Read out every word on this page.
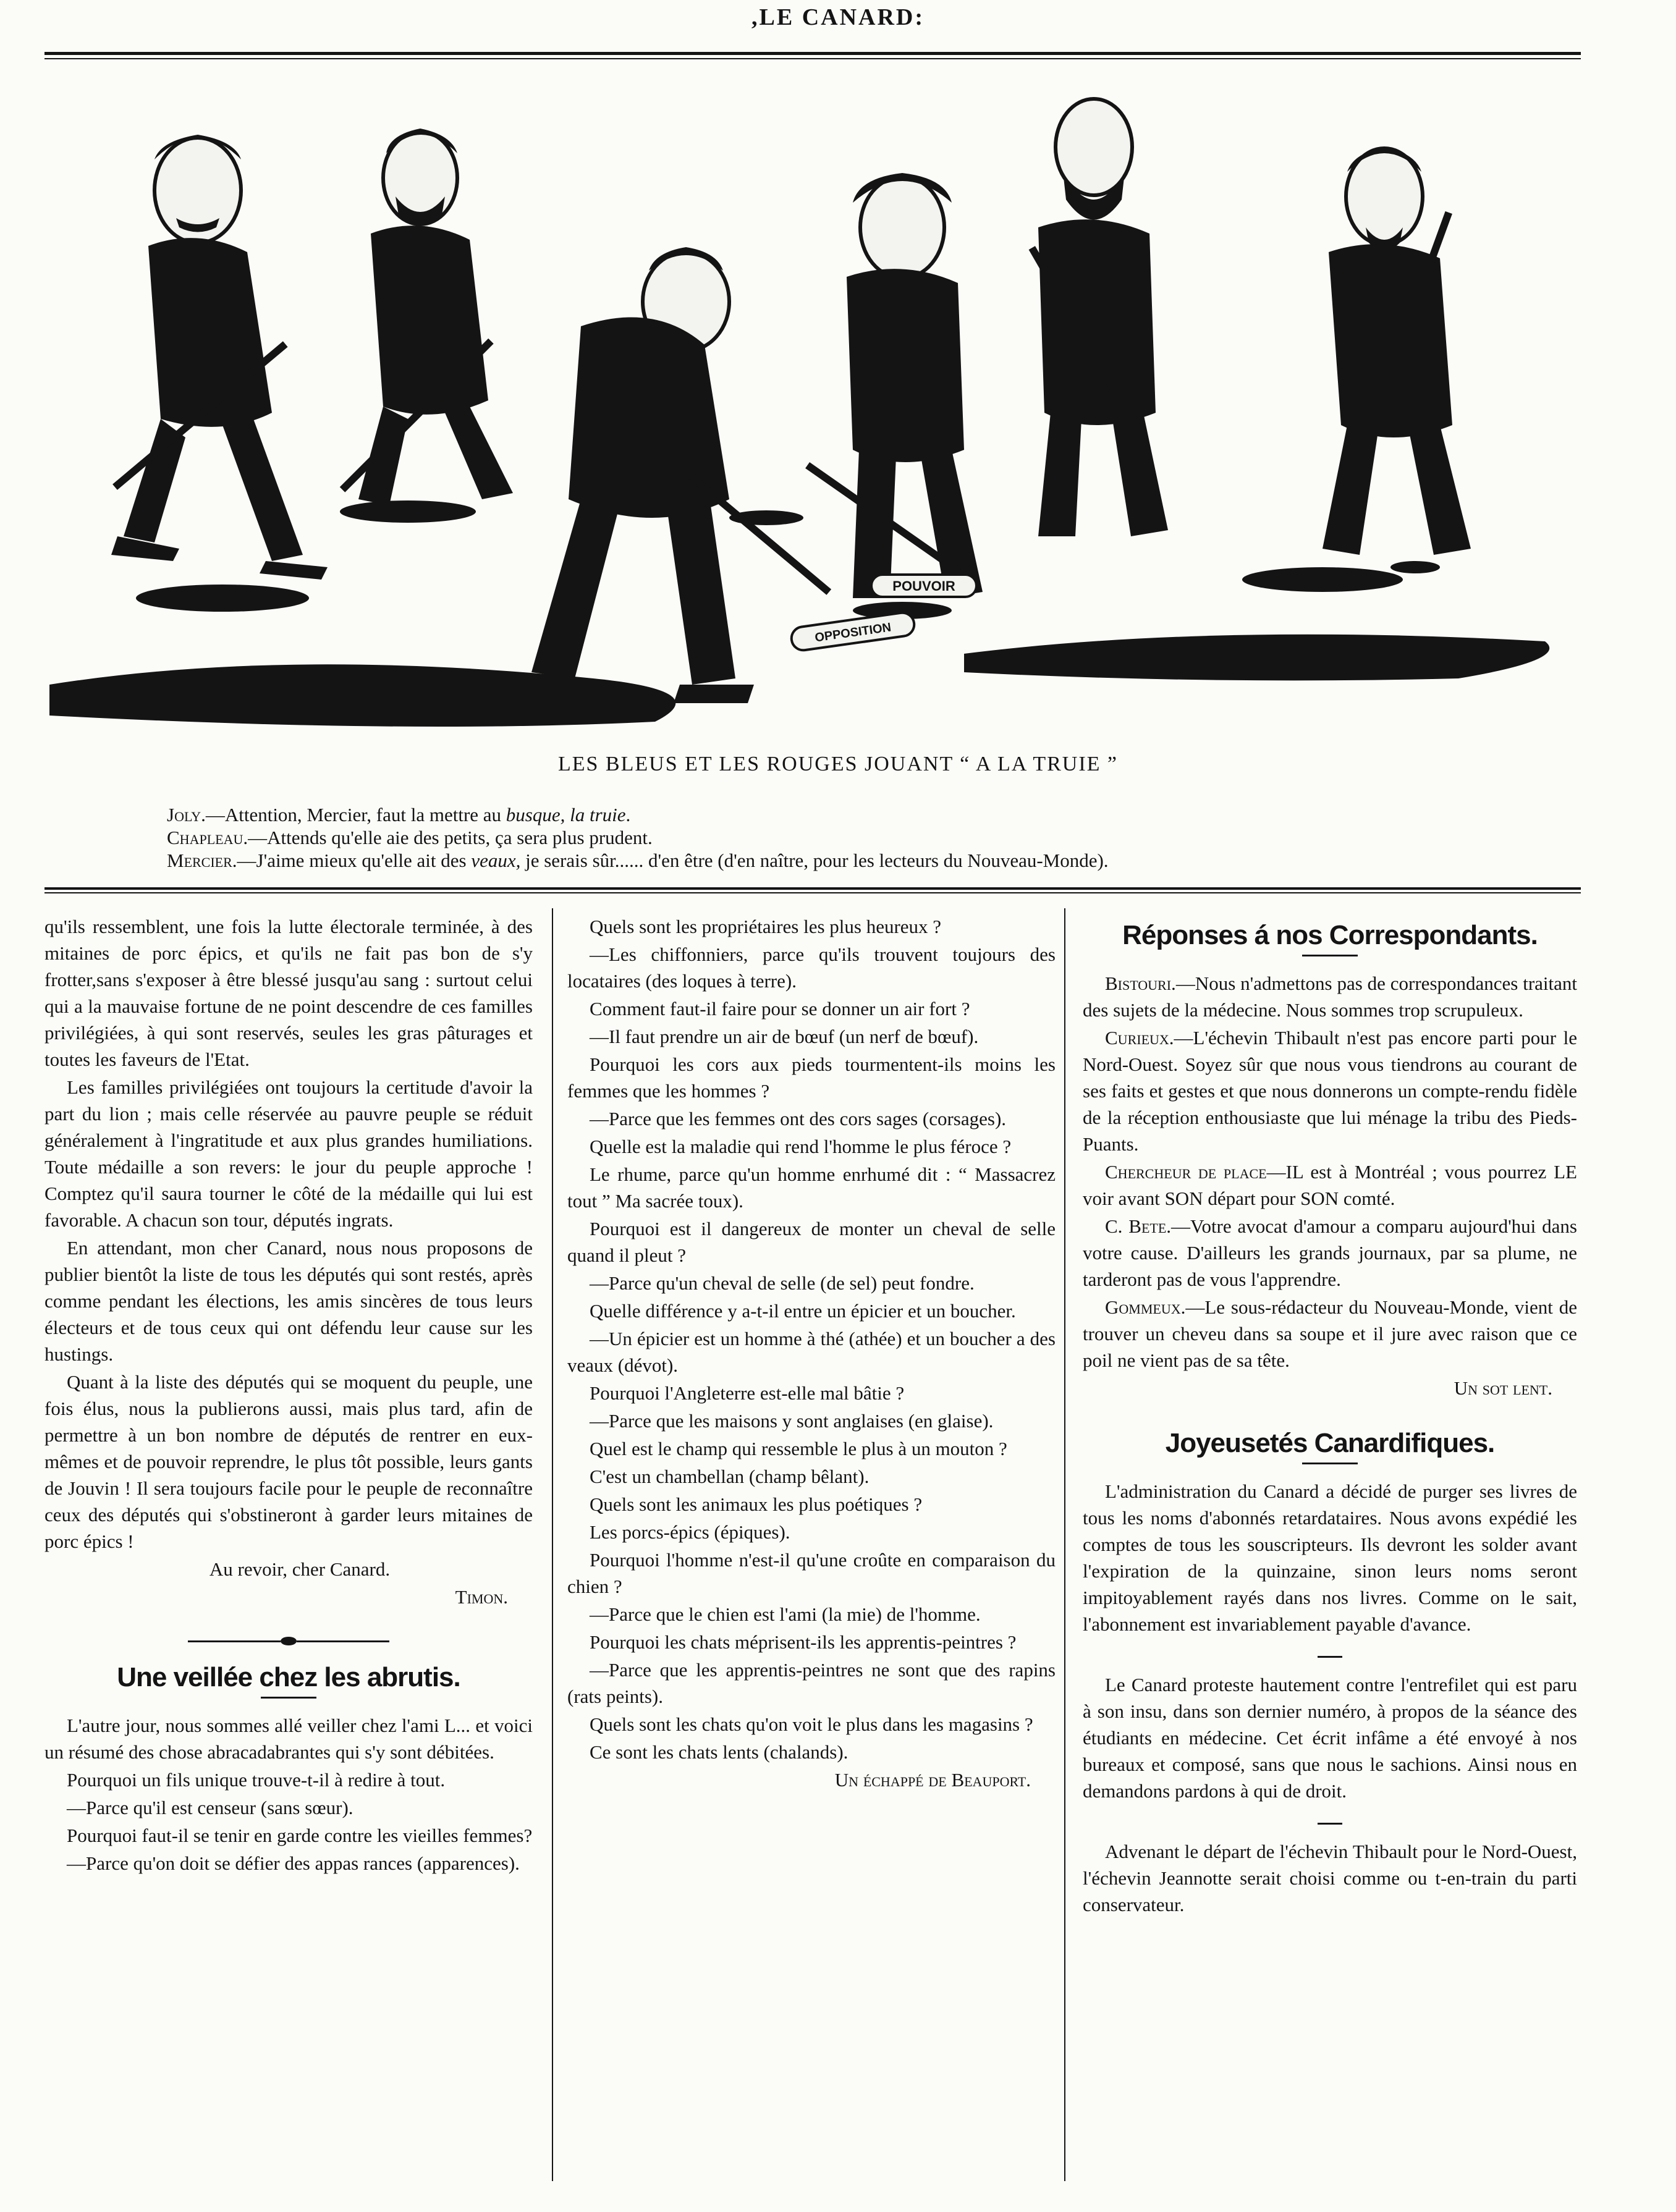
,LE CANARD:
POUVOIR
OPPOSITION
LES BLEUS ET LES ROUGES JOUANT “ A LA TRUIE ”
Joly.—Attention, Mercier, faut la mettre au busque, la truie.
Chapleau.—Attends qu'elle aie des petits, ça sera plus prudent.
Mercier.—J'aime mieux qu'elle ait des veaux, je serais sûr...... d'en être (d'en naître, pour les lecteurs du Nouveau-Monde).

qu'ils ressemblent, une fois la lutte électorale terminée, à des mitaines de porc épics, et qu'ils ne fait pas bon de s'y frotter,sans s'exposer à être blessé jusqu'au sang : surtout celui qui a la mauvaise fortune de ne point descendre de ces familles privilégiées, à qui sont reservés, seules les gras pâturages et toutes les faveurs de l'Etat.

Les familles privilégiées ont toujours la certitude d'avoir la part du lion ; mais celle réservée au pauvre peuple se réduit généralement à l'ingratitude et aux plus grandes humiliations. Toute médaille a son revers: le jour du peuple approche ! Comptez qu'il saura tourner le côté de la médaille qui lui est favorable. A chacun son tour, députés ingrats.

En attendant, mon cher Canard, nous nous proposons de publier bientôt la liste de tous les députés qui sont restés, après comme pendant les élections, les amis sincères de tous leurs électeurs et de tous ceux qui ont défendu leur cause sur les hustings.

Quant à la liste des députés qui se moquent du peuple, une fois élus, nous la publierons aussi, mais plus tard, afin de permettre à un bon nombre de députés de rentrer en eux-mêmes et de pouvoir reprendre, le plus tôt possible, leurs gants de Jouvin ! Il sera toujours facile pour le peuple de reconnaître ceux des députés qui s'obstineront à garder leurs mitaines de porc épics !

Au revoir, cher Canard.

Timon.

Une veillée chez les abrutis.

L'autre jour, nous sommes allé veiller chez l'ami L... et voici un résumé des chose abracadabrantes qui s'y sont débitées.

Pourquoi un fils unique trouve-t-il à redire à tout.

—Parce qu'il est censeur (sans sœur).

Pourquoi faut-il se tenir en garde contre les vieilles femmes?

—Parce qu'on doit se défier des appas rances (apparences).

Quels sont les propriétaires les plus heureux ?

—Les chiffonniers, parce qu'ils trouvent toujours des locataires (des loques à terre).

Comment faut-il faire pour se donner un air fort ?

—Il faut prendre un air de bœuf (un nerf de bœuf).

Pourquoi les cors aux pieds tourmentent-ils moins les femmes que les hommes ?

—Parce que les femmes ont des cors sages (corsages).

Quelle est la maladie qui rend l'homme le plus féroce ?

Le rhume, parce qu'un homme enrhumé dit : “ Massacrez tout ” Ma sacrée toux).

Pourquoi est il dangereux de monter un cheval de selle quand il pleut ?

—Parce qu'un cheval de selle (de sel) peut fondre.

Quelle différence y a-t-il entre un épicier et un boucher.

—Un épicier est un homme à thé (athée) et un boucher a des veaux (dévot).

Pourquoi l'Angleterre est-elle mal bâtie ?

—Parce que les maisons y sont anglaises (en glaise).

Quel est le champ qui ressemble le plus à un mouton ?

C'est un chambellan (champ bêlant).

Quels sont les animaux les plus poétiques ?

Les porcs-épics (épiques).

Pourquoi l'homme n'est-il qu'une croûte en comparaison du chien ?

—Parce que le chien est l'ami (la mie) de l'homme.

Pourquoi les chats méprisent-ils les apprentis-peintres ?

—Parce que les apprentis-peintres ne sont que des rapins (rats peints).

Quels sont les chats qu'on voit le plus dans les magasins ?

Ce sont les chats lents (chalands).

Un échappé de Beauport.

Réponses á nos Correspondants.

Bistouri.—Nous n'admettons pas de correspondances traitant des sujets de la médecine. Nous sommes trop scrupuleux.

Curieux.—L'échevin Thibault n'est pas encore parti pour le Nord-Ouest. Soyez sûr que nous vous tiendrons au courant de ses faits et gestes et que nous donnerons un compte-rendu fidèle de la réception enthousiaste que lui ménage la tribu des Pieds-Puants.

Chercheur de place—IL est à Montréal ; vous pourrez LE voir avant SON départ pour SON comté.

C. Bete.—Votre avocat d'amour a comparu aujourd'hui dans votre cause. D'ailleurs les grands journaux, par sa plume, ne tarderont pas de vous l'apprendre.

Gommeux.—Le sous-rédacteur du Nouveau-Monde, vient de trouver un cheveu dans sa soupe et il jure avec raison que ce poil ne vient pas de sa tête.

Un sot lent.

Joyeusetés Canardifiques.

L'administration du Canard a décidé de purger ses livres de tous les noms d'abonnés retardataires. Nous avons expédié les comptes de tous les souscripteurs. Ils devront les solder avant l'expiration de la quinzaine, sinon leurs noms seront impitoyablement rayés dans nos livres. Comme on le sait, l'abonnement est invariablement payable d'avance.

Le Canard proteste hautement contre l'entrefilet qui est paru à son insu, dans son dernier numéro, à propos de la séance des étudiants en médecine. Cet écrit infâme a été envoyé à nos bureaux et composé, sans que nous le sachions. Ainsi nous en demandons pardons à qui de droit.

Advenant le départ de l'échevin Thibault pour le Nord-Ouest, l'échevin Jeannotte serait choisi comme ou t-en-train du parti conservateur.
